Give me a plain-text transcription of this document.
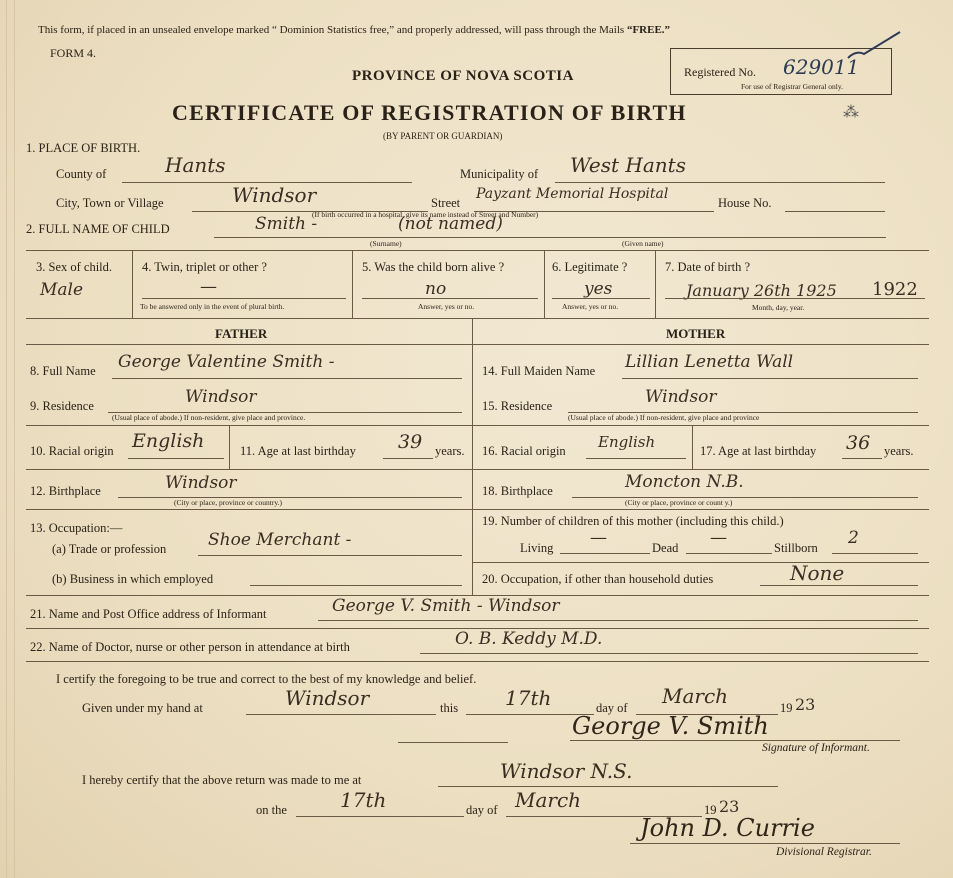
This form, if placed in an unsealed envelope marked “ Dominion Statistics free,” and properly addressed, will pass through the Mails “FREE.”
FORM 4.
PROVINCE OF NOVA SCOTIA
CERTIFICATE OF REGISTRATION OF BIRTH
(BY PARENT OR GUARDIAN)
Registered No. 629011
For use of Registrar General only.
⁂
1. PLACE OF BIRTH.
County of	Hants	Municipality of West Hants
City, Town or Village	Windsor	Street
Payzant Memorial Hospital
House No.
(If birth occurred in a hospital, give its name instead of Street and Number)
2. FULL NAME OF CHILD	Smith -	(not named)
(Surname)	(Given name)
3. Sex of child.
Male
4. Twin, triplet or other ?
—
To be answered only in the event of plural birth.
5. Was the child born alive ?
no
Answer, yes or no.
6. Legitimate ?
yes
Answer, yes or no.
7. Date of birth ?
January 26th 1925 1922
Month, day, year.
FATHER	MOTHER
8. Full Name George Valentine Smith -
9. Residence	Windsor
(Usual place of abode.) If non-resident, give place and province.
10. Racial origin English	11. Age at last birthday 39 years.
12. Birthplace	Windsor
(City or place, province or country.)
13. Occupation:—
(a) Trade or profession Shoe Merchant -
(b) Business in which employed
14. Full Maiden Name Lillian Lenetta Wall
15. Residence	Windsor
(Usual place of abode.) If non-resident, give place and province
16. Racial origin English	17. Age at last birthday 36 years.
18. Birthplace	Moncton N.B.
(City or place, province or count y.)
19. Number of children of this mother (including this child.)
Living —	Dead —	Stillborn 2
20. Occupation, if other than household duties	None
21. Name and Post Office address of Informant	George V. Smith - Windsor
22. Name of Doctor, nurse or other person in attendance at birth	O. B. Keddy M.D.
I certify the foregoing to be true and correct to the best of my knowledge and belief.
Given under my hand at	Windsor	this 17th	day of March	19 23
George V. Smith
Signature of Informant.
I hereby certify that the above return was made to me at	Windsor N.S.
on the	17th	day of March	19 23
John D. Currie
Divisional Registrar.
